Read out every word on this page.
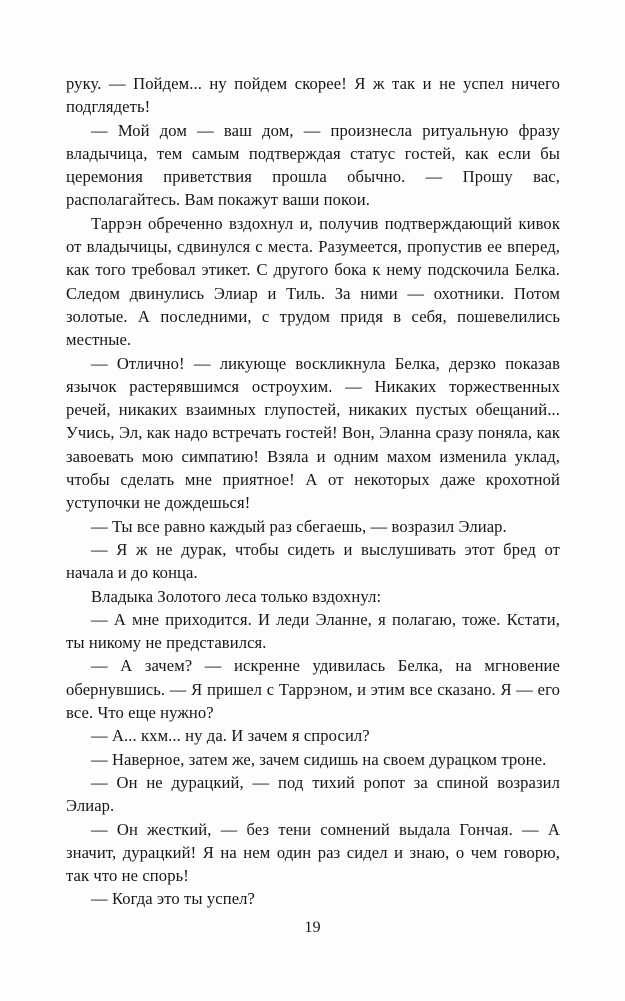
руку. — Пойдем... ну пойдем скорее! Я ж так и не успел ничего подглядеть!

— Мой дом — ваш дом, — произнесла ритуальную фразу владычица, тем самым подтверждая статус гостей, как если бы церемония приветствия прошла обычно. — Прошу вас, располагайтесь. Вам покажут ваши покои.

Таррэн обреченно вздохнул и, получив подтверждающий кивок от владычицы, сдвинулся с места. Разумеется, пропустив ее вперед, как того требовал этикет. С другого бока к нему подскочила Белка. Следом двинулись Элиар и Тиль. За ними — охотники. Потом золотые. А последними, с трудом придя в себя, пошевелились местные.

— Отлично! — ликующе воскликнула Белка, дерзко показав язычок растерявшимся остроухим. — Никаких торжественных речей, никаких взаимных глупостей, никаких пустых обещаний... Учись, Эл, как надо встречать гостей! Вон, Эланна сразу поняла, как завоевать мою симпатию! Взяла и одним махом изменила уклад, чтобы сделать мне приятное! А от некоторых даже крохотной уступочки не дождешься!

— Ты все равно каждый раз сбегаешь, — возразил Элиар.

— Я ж не дурак, чтобы сидеть и выслушивать этот бред от начала и до конца.

Владыка Золотого леса только вздохнул:

— А мне приходится. И леди Эланне, я полагаю, тоже. Кстати, ты никому не представился.

— А зачем? — искренне удивилась Белка, на мгновение обернувшись. — Я пришел с Таррэном, и этим все сказано. Я — его все. Что еще нужно?

— А... кхм... ну да. И зачем я спросил?

— Наверное, затем же, зачем сидишь на своем дурацком троне.

— Он не дурацкий, — под тихий ропот за спиной возразил Элиар.

— Он жесткий, — без тени сомнений выдала Гончая. — А значит, дурацкий! Я на нем один раз сидел и знаю, о чем говорю, так что не спорь!

— Когда это ты успел?

19
